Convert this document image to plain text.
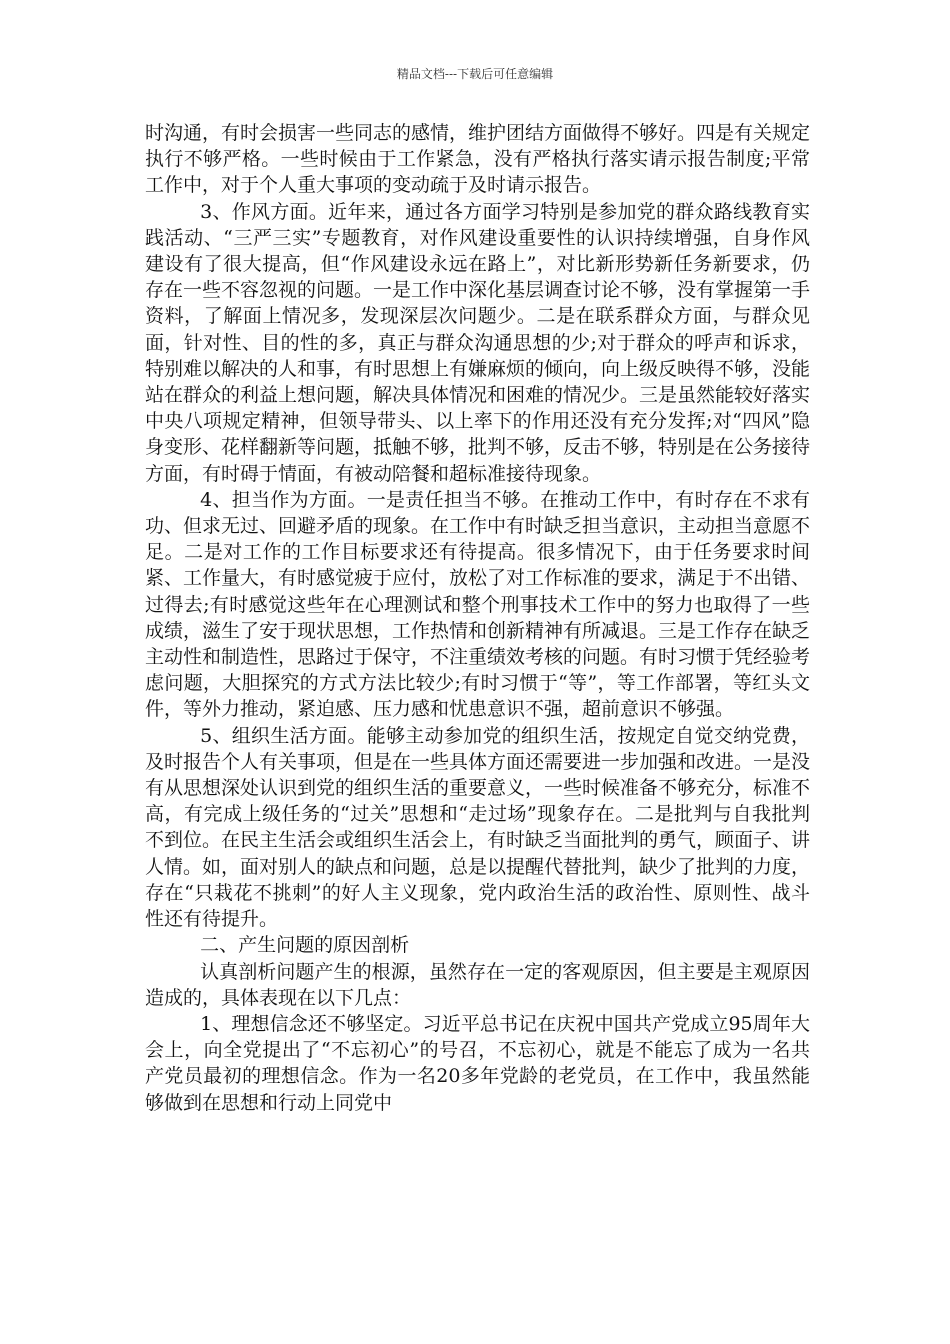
精品文档---下载后可任意编辑

时沟通，有时会损害一些同志的感情，维护团结方面做得不够好。四是有关规定执行不够严格。一些时候由于工作紧急，没有严格执行落实请示报告制度;平常工作中，对于个人重大事项的变动疏于及时请示报告。

3、作风方面。近年来，通过各方面学习特别是参加党的群众路线教育实践活动、“三严三实”专题教育，对作风建设重要性的认识持续增强，自身作风建设有了很大提高，但“作风建设永远在路上”，对比新形势新任务新要求，仍存在一些不容忽视的问题。一是工作中深化基层调查讨论不够，没有掌握第一手资料，了解面上情况多，发现深层次问题少。二是在联系群众方面，与群众见面，针对性、目的性的多，真正与群众沟通思想的少;对于群众的呼声和诉求，特别难以解决的人和事，有时思想上有嫌麻烦的倾向，向上级反映得不够，没能站在群众的利益上想问题，解决具体情况和困难的情况少。三是虽然能较好落实中央八项规定精神，但领导带头、以上率下的作用还没有充分发挥;对“四风”隐身变形、花样翻新等问题，抵触不够，批判不够，反击不够，特别是在公务接待方面，有时碍于情面，有被动陪餐和超标准接待现象。

4、担当作为方面。一是责任担当不够。在推动工作中，有时存在不求有功、但求无过、回避矛盾的现象。在工作中有时缺乏担当意识，主动担当意愿不足。二是对工作的工作目标要求还有待提高。很多情况下，由于任务要求时间紧、工作量大，有时感觉疲于应付，放松了对工作标准的要求，满足于不出错、过得去;有时感觉这些年在心理测试和整个刑事技术工作中的努力也取得了一些成绩，滋生了安于现状思想，工作热情和创新精神有所减退。三是工作存在缺乏主动性和制造性，思路过于保守，不注重绩效考核的问题。有时习惯于凭经验考虑问题，大胆探究的方式方法比较少;有时习惯于“等”，等工作部署，等红头文件，等外力推动，紧迫感、压力感和忧患意识不强，超前意识不够强。

5、组织生活方面。能够主动参加党的组织生活，按规定自觉交纳党费，及时报告个人有关事项，但是在一些具体方面还需要进一步加强和改进。一是没有从思想深处认识到党的组织生活的重要意义，一些时候准备不够充分，标准不高，有完成上级任务的“过关”思想和“走过场”现象存在。二是批判与自我批判不到位。在民主生活会或组织生活会上，有时缺乏当面批判的勇气，顾面子、讲人情。如，面对别人的缺点和问题，总是以提醒代替批判，缺少了批判的力度，存在“只栽花不挑刺”的好人主义现象，党内政治生活的政治性、原则性、战斗性还有待提升。

二、产生问题的原因剖析

认真剖析问题产生的根源，虽然存在一定的客观原因，但主要是主观原因造成的，具体表现在以下几点：

1、理想信念还不够坚定。习近平总书记在庆祝中国共产党成立95周年大会上，向全党提出了“不忘初心”的号召，不忘初心，就是不能忘了成为一名共产党员最初的理想信念。作为一名20多年党龄的老党员，在工作中，我虽然能够做到在思想和行动上同党中
